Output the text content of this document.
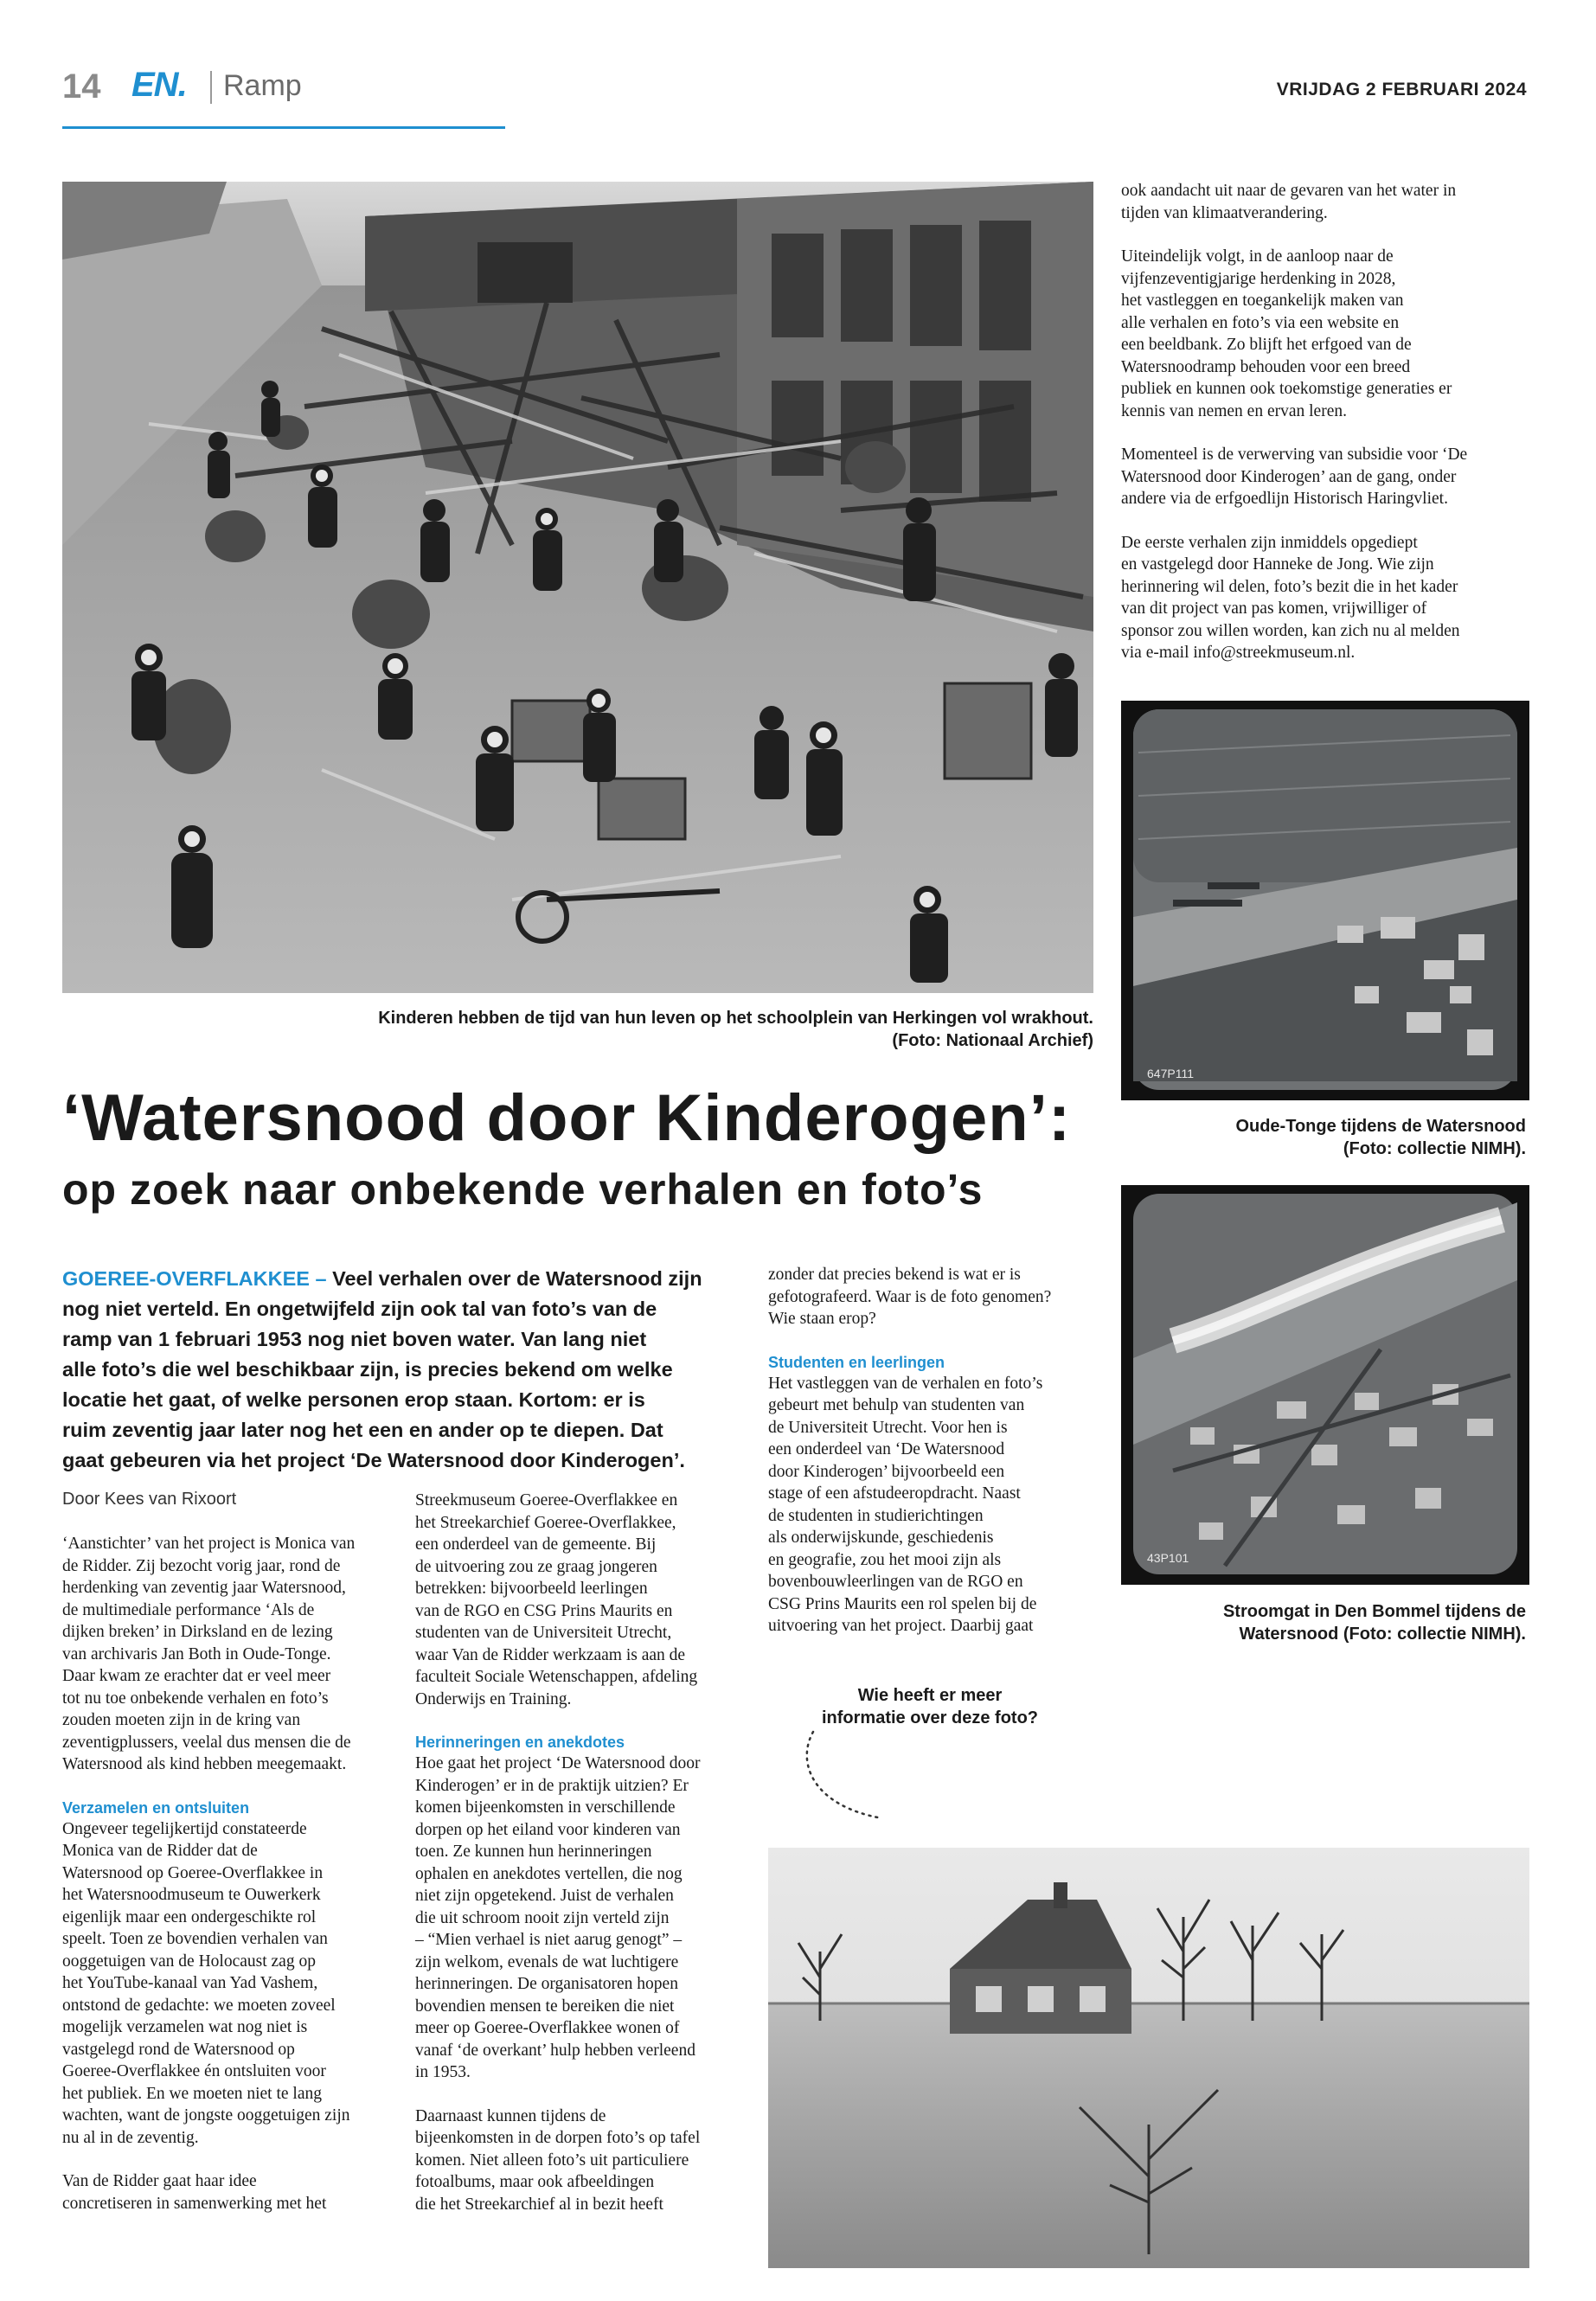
14 EN. Ramp	VRIJDAG 2 FEBRUARI 2024
Kinderen hebben de tijd van hun leven op het schoolplein van Herkingen vol wrakhout.
(Foto: Nationaal Archief)

ook aandacht uit naar de gevaren van het water in
tijden van klimaatverandering.

Uiteindelijk volgt, in de aanloop naar de
vijfenzeventigjarige herdenking in 2028,
het vastleggen en toegankelijk maken van
alle verhalen en foto’s via een website en
een beeldbank. Zo blijft het erfgoed van de
Watersnoodramp behouden voor een breed
publiek en kunnen ook toekomstige generaties er
kennis van nemen en ervan leren.

Momenteel is de verwerving van subsidie voor ‘De
Watersnood door Kinderogen’ aan de gang, onder
andere via de erfgoedlijn Historisch Haringvliet.

De eerste verhalen zijn inmiddels opgediept
en vastgelegd door Hanneke de Jong. Wie zijn
herinnering wil delen, foto’s bezit die in het kader
van dit project van pas komen, vrijwilliger of
sponsor zou willen worden, kan zich nu al melden
via e-mail info@streekmuseum.nl.

647P111
Oude-Tonge tijdens de Watersnood
(Foto: collectie NIMH).
43P101
Stroomgat in Den Bommel tijdens de
Watersnood (Foto: collectie NIMH).
‘Watersnood door Kinderogen’:
op zoek naar onbekende verhalen en foto’s
GOEREE-OVERFLAKKEE – Veel verhalen over de Watersnood zijn
nog niet verteld. En ongetwijfeld zijn ook tal van foto’s van de
ramp van 1 februari 1953 nog niet boven water. Van lang niet
alle foto’s die wel beschikbaar zijn, is precies bekend om welke
locatie het gaat, of welke personen erop staan. Kortom: er is
ruim zeventig jaar later nog het een en ander op te diepen. Dat
gaat gebeuren via het project ‘De Watersnood door Kinderogen’.
Door Kees van Rixoort

‘Aanstichter’ van het project is Monica van
de Ridder. Zij bezocht vorig jaar, rond de
herdenking van zeventig jaar Watersnood,
de multimediale performance ‘Als de
dijken breken’ in Dirksland en de lezing
van archivaris Jan Both in Oude-Tonge.
Daar kwam ze erachter dat er veel meer
tot nu toe onbekende verhalen en foto’s
zouden moeten zijn in de kring van
zeventigplussers, veelal dus mensen die de
Watersnood als kind hebben meegemaakt.

Verzamelen en ontsluiten

Ongeveer tegelijkertijd constateerde
Monica van de Ridder dat de
Watersnood op Goeree-Overflakkee in
het Watersnoodmuseum te Ouwerkerk
eigenlijk maar een ondergeschikte rol
speelt. Toen ze bovendien verhalen van
ooggetuigen van de Holocaust zag op
het YouTube-kanaal van Yad Vashem,
ontstond de gedachte: we moeten zoveel
mogelijk verzamelen wat nog niet is
vastgelegd rond de Watersnood op
Goeree-Overflakkee én ontsluiten voor
het publiek. En we moeten niet te lang
wachten, want de jongste ooggetuigen zijn
nu al in de zeventig.

Van de Ridder gaat haar idee
concretiseren in samenwerking met het

Streekmuseum Goeree-Overflakkee en
het Streekarchief Goeree-Overflakkee,
een onderdeel van de gemeente. Bij
de uitvoering zou ze graag jongeren
betrekken: bijvoorbeeld leerlingen
van de RGO en CSG Prins Maurits en
studenten van de Universiteit Utrecht,
waar Van de Ridder werkzaam is aan de
faculteit Sociale Wetenschappen, afdeling
Onderwijs en Training.

Herinneringen en anekdotes

Hoe gaat het project ‘De Watersnood door
Kinderogen’ er in de praktijk uitzien? Er
komen bijeenkomsten in verschillende
dorpen op het eiland voor kinderen van
toen. Ze kunnen hun herinneringen
ophalen en anekdotes vertellen, die nog
niet zijn opgetekend. Juist de verhalen
die uit schroom nooit zijn verteld zijn
– “Mien verhael is niet aarug genogt” –
zijn welkom, evenals de wat luchtigere
herinneringen. De organisatoren hopen
bovendien mensen te bereiken die niet
meer op Goeree-Overflakkee wonen of
vanaf ‘de overkant’ hulp hebben verleend
in 1953.

Daarnaast kunnen tijdens de
bijeenkomsten in de dorpen foto’s op tafel
komen. Niet alleen foto’s uit particuliere
fotoalbums, maar ook afbeeldingen
die het Streekarchief al in bezit heeft

zonder dat precies bekend is wat er is
gefotografeerd. Waar is de foto genomen?
Wie staan erop?

Studenten en leerlingen

Het vastleggen van de verhalen en foto’s
gebeurt met behulp van studenten van
de Universiteit Utrecht. Voor hen is
een onderdeel van ‘De Watersnood
door Kinderogen’ bijvoorbeeld een
stage of een afstudeeropdracht. Naast
de studenten in studierichtingen
als onderwijskunde, geschiedenis
en geografie, zou het mooi zijn als
bovenbouwleerlingen van de RGO en
CSG Prins Maurits een rol spelen bij de
uitvoering van het project. Daarbij gaat

Wie heeft er meer
informatie over deze foto?
